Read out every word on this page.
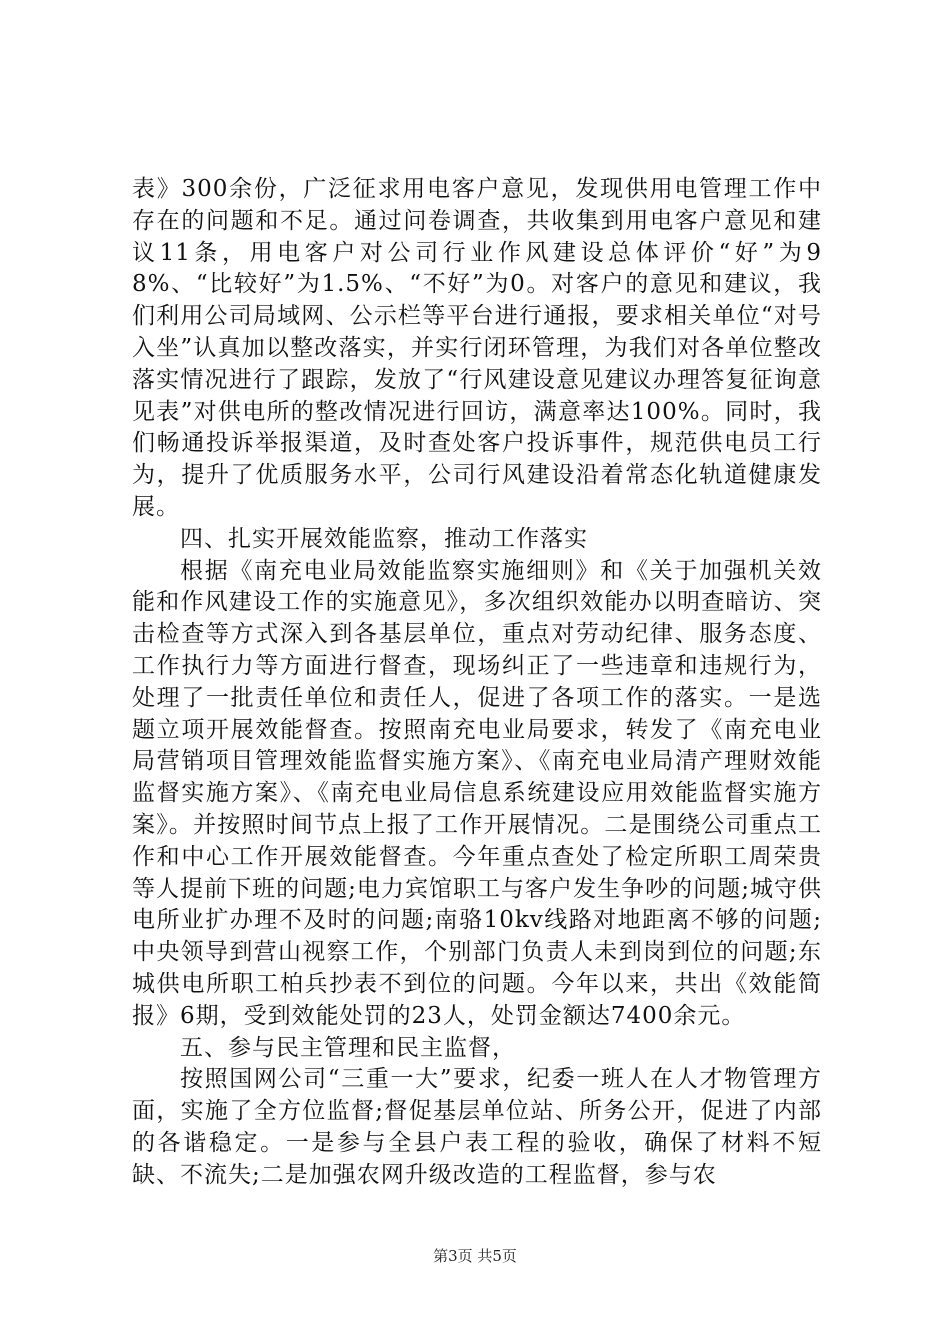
表》300余份，广泛征求用电客户意见，发现供用电管理工作中存在的问题和不足。通过问卷调查，共收集到用电客户意见和建议11条，用电客户对公司行业作风建设总体评价“好”为98%、“比较好”为1.5%、“不好”为0。对客户的意见和建议，我们利用公司局域网、公示栏等平台进行通报，要求相关单位“对号入坐”认真加以整改落实，并实行闭环管理，为我们对各单位整改落实情况进行了跟踪，发放了“行风建设意见建议办理答复征询意见表”对供电所的整改情况进行回访，满意率达100%。同时，我们畅通投诉举报渠道，及时查处客户投诉事件，规范供电员工行为，提升了优质服务水平，公司行风建设沿着常态化轨道健康发展。

四、扎实开展效能监察，推动工作落实

根据《南充电业局效能监察实施细则》和《关于加强机关效能和作风建设工作的实施意见》，多次组织效能办以明查暗访、突击检查等方式深入到各基层单位，重点对劳动纪律、服务态度、工作执行力等方面进行督查，现场纠正了一些违章和违规行为，处理了一批责任单位和责任人，促进了各项工作的落实。一是选题立项开展效能督查。按照南充电业局要求，转发了《南充电业局营销项目管理效能监督实施方案》、《南充电业局清产理财效能监督实施方案》、《南充电业局信息系统建设应用效能监督实施方案》。并按照时间节点上报了工作开展情况。二是围绕公司重点工作和中心工作开展效能督查。今年重点查处了检定所职工周荣贵等人提前下班的问题;电力宾馆职工与客户发生争吵的问题;城守供电所业扩办理不及时的问题;南骆10kv线路对地距离不够的问题;中央领导到营山视察工作，个别部门负责人未到岗到位的问题;东城供电所职工柏兵抄表不到位的问题。今年以来，共出《效能简报》6期，受到效能处罚的23人，处罚金额达7400余元。

五、参与民主管理和民主监督，

按照国网公司“三重一大”要求，纪委一班人在人才物管理方面，实施了全方位监督;督促基层单位站、所务公开，促进了内部的各谐稳定。一是参与全县户表工程的验收，确保了材料不短缺、不流失;二是加强农网升级改造的工程监督，参与农

第3页 共5页
